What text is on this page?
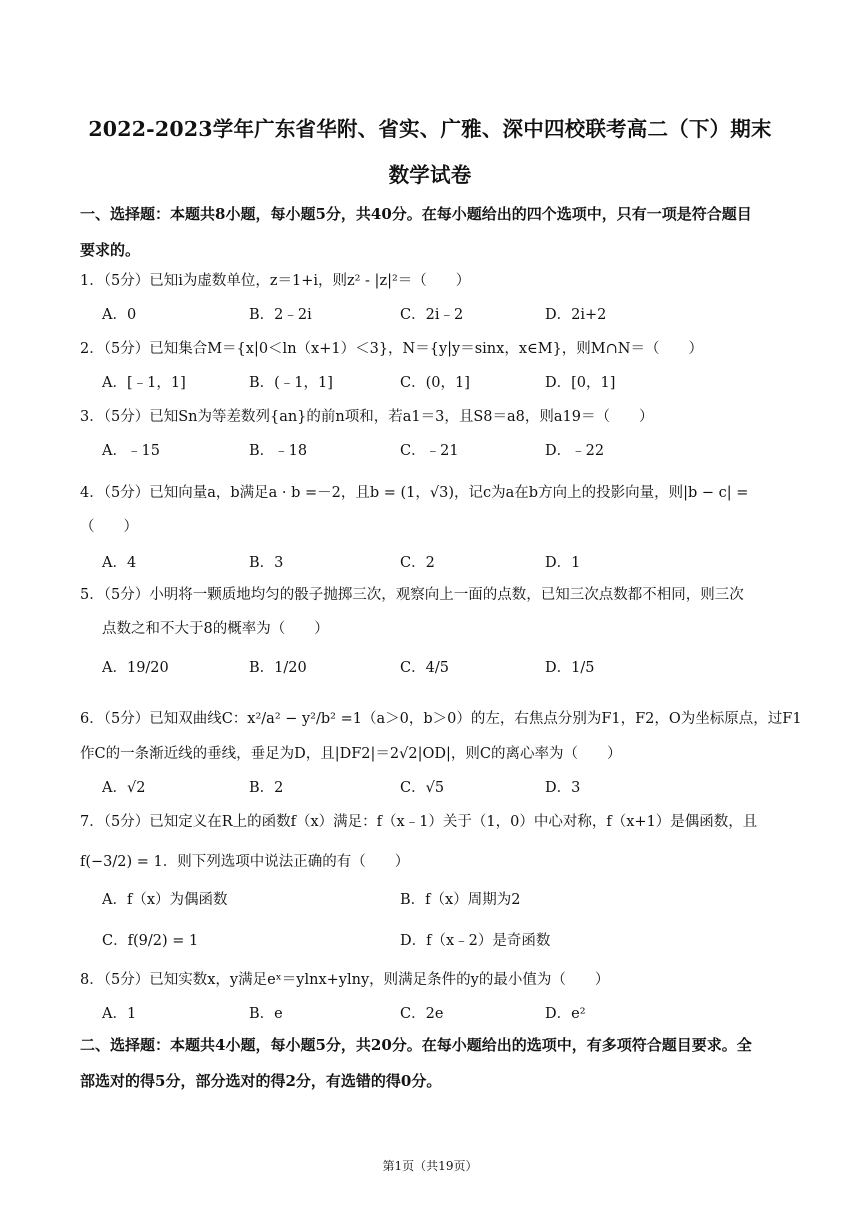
2022-2023学年广东省华附、省实、广雅、深中四校联考高二（下）期末
数学试卷
一、选择题：本题共8小题，每小题5分，共40分。在每小题给出的四个选项中，只有一项是符合题目
要求的。
1．（5分）已知i为虚数单位，z＝1+i，则z² - |z|²＝（　　）
A．0	B．2﹣2i	C．2i﹣2	D．2i+2
2．（5分）已知集合M＝{x|0＜ln（x+1）＜3}，N＝{y|y＝sinx，x∈M}，则M∩N＝（　　）
A．[﹣1，1]	B．(﹣1，1]	C．(0，1]	D．[0，1]
3．（5分）已知Sn为等差数列{an}的前n项和，若a1＝3，且S8＝a8，则a19＝（　　）
A．﹣15	B．﹣18	C．﹣21	D．﹣22
4．（5分）已知向量a，b满足a · b =－2，且b = (1，√3)，记c为a在b方向上的投影向量，则|b − c| =
（　　）
A．4	B．3	C．2	D．1
5．（5分）小明将一颗质地均匀的骰子抛掷三次，观察向上一面的点数，已知三次点数都不相同，则三次
点数之和不大于8的概率为（　　）
A．19/20	B．1/20	C．4/5	D．1/5
6．（5分）已知双曲线C：x²/a² − y²/b² =1（a＞0，b＞0）的左，右焦点分别为F1，F2，O为坐标原点，过F1
作C的一条渐近线的垂线，垂足为D，且|DF2|＝2√2|OD|，则C的离心率为（　　）
A．√2	B．2	C．√5	D．3
7．（5分）已知定义在R上的函数f（x）满足：f（x﹣1）关于（1，0）中心对称，f（x+1）是偶函数，且
f(−3/2) = 1．则下列选项中说法正确的有（　　）
A．f（x）为偶函数	B．f（x）周期为2
C．f(9/2) = 1	D．f（x﹣2）是奇函数
8．（5分）已知实数x，y满足eˣ＝ylnx+ylny，则满足条件的y的最小值为（　　）
A．1	B．e	C．2e	D．e²
二、选择题：本题共4小题，每小题5分，共20分。在每小题给出的选项中，有多项符合题目要求。全
部选对的得5分，部分选对的得2分，有选错的得0分。
第1页（共19页）
